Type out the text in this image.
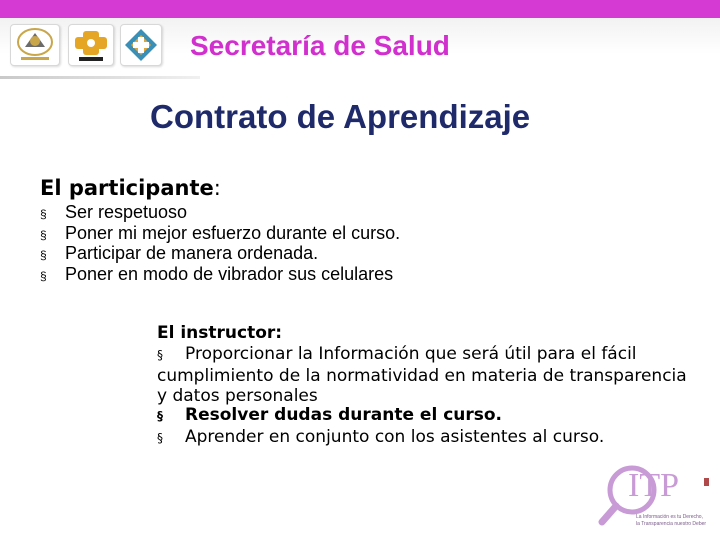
Secretaría de Salud
Contrato de Aprendizaje
El participante:
§ Ser respetuoso
§ Poner mi mejor esfuerzo durante el curso.
§ Participar de manera ordenada.
§ Poner en modo de vibrador sus celulares
El instructor:
§ Proporcionar la Información que será útil para el fácil
cumplimiento de la normatividad en materia de transparencia
y datos personales
§ Resolver dudas durante el curso.
§ Aprender en conjunto con los asistentes al curso.
ITP
La Información es tu Derecho,
la Transparencia nuestro Deber
